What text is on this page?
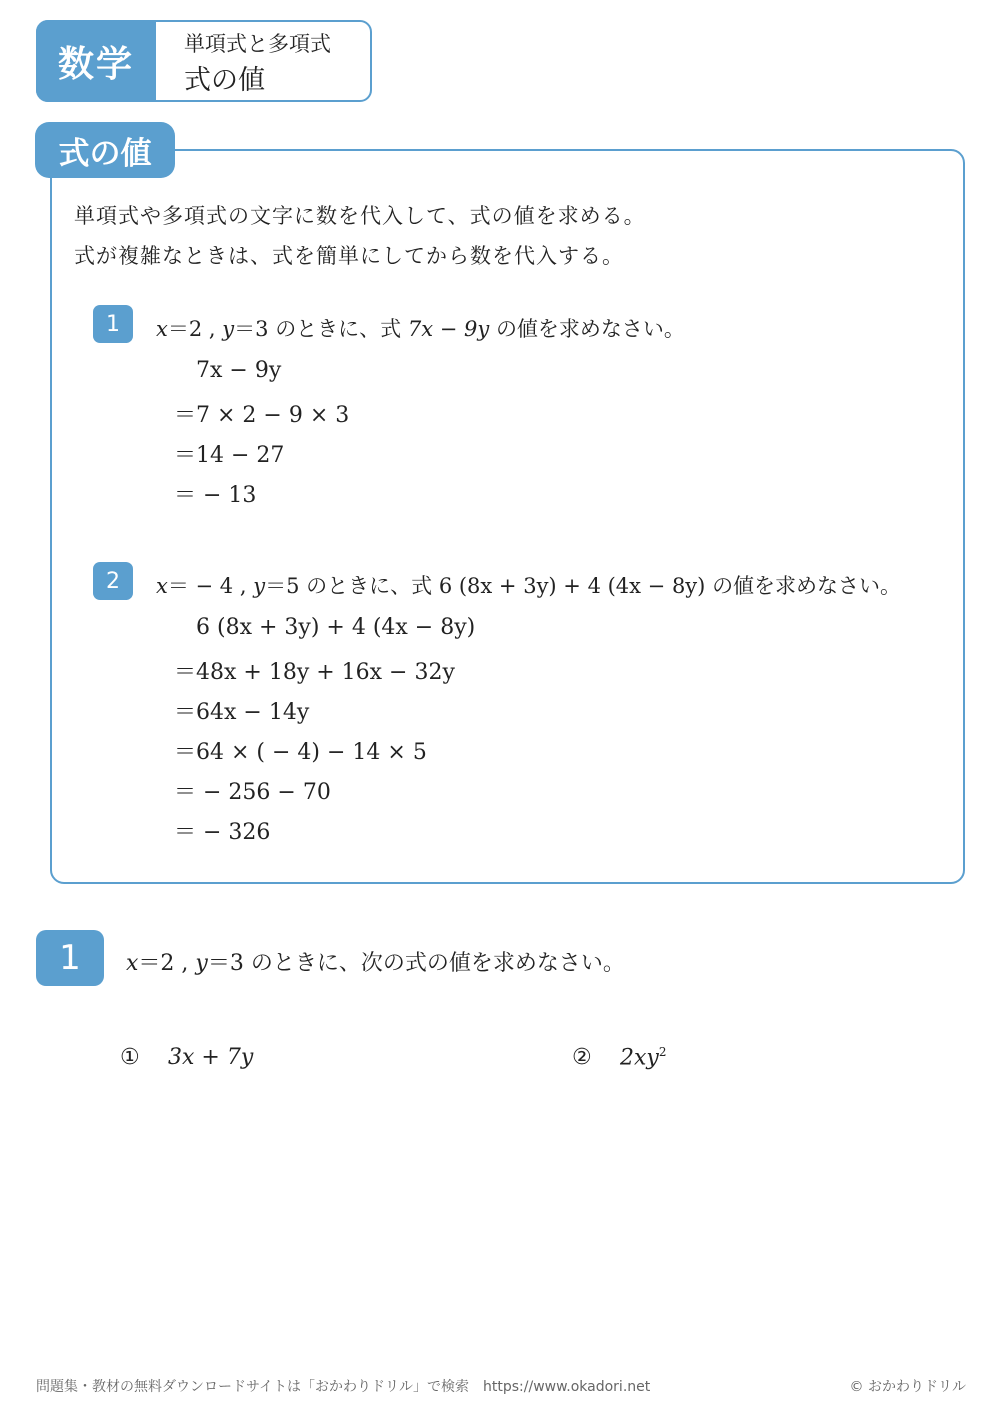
数学	単項式と多項式
式の値
式の値
単項式や多項式の文字に数を代入して、式の値を求める。
式が複雑なときは、式を簡単にしてから数を代入する。
1	x＝2 , y＝3 のときに、式 7x − 9y の値を求めなさい。
7x − 9y
＝7 × 2 − 9 × 3
＝14 − 27
＝ − 13
2	x＝ − 4 , y＝5 のときに、式 6 (8x + 3y) + 4 (4x − 8y) の値を求めなさい。
6 (8x + 3y) + 4 (4x − 8y)
＝48x + 18y + 16x − 32y
＝64x − 14y
＝64 × ( − 4) − 14 × 5
＝ − 256 − 70
＝ − 326
1	x＝2 , y＝3 のときに、次の式の値を求めなさい。
① 3x + 7y	② $2xy^2$
問題集・教材の無料ダウンロードサイトは「おかわりドリル」で検索　https://www.okadori.net	© おかわりドリル
